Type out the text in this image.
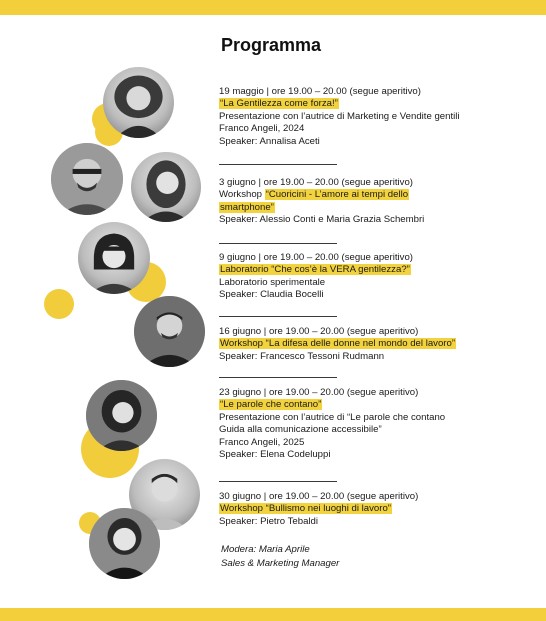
Programma
19 maggio | ore 19.00 – 20.00 (segue aperitivo)
“La Gentilezza come forza!”
Presentazione con l’autrice di Marketing e Vendite gentili
Franco Angeli, 2024
Speaker: Annalisa Aceti
3 giugno | ore 19.00 – 20.00 (segue aperitivo)
Workshop “Cuoricini - L’amore ai tempi dello
smartphone”
Speaker: Alessio Conti e Maria Grazia Schembri
9 giugno | ore 19.00 – 20.00 (segue aperitivo)
Laboratorio “Che cos’è la VERA gentilezza?”
Laboratorio sperimentale
Speaker: Claudia Bocelli
16 giugno | ore 19.00 – 20.00 (segue aperitivo)
Workshop “La difesa delle donne nel mondo del lavoro”
Speaker: Francesco Tessoni Rudmann
23 giugno | ore 19.00 – 20.00 (segue aperitivo)
“Le parole che contano”
Presentazione con l’autrice di “Le parole che contano
Guida alla comunicazione accessibile”
Franco Angeli, 2025
Speaker: Elena Codeluppi
30 giugno | ore 19.00 – 20.00 (segue aperitivo)
Workshop “Bullismo nei luoghi di lavoro”
Speaker: Pietro Tebaldi
Modera: Maria Aprile
Sales & Marketing Manager
